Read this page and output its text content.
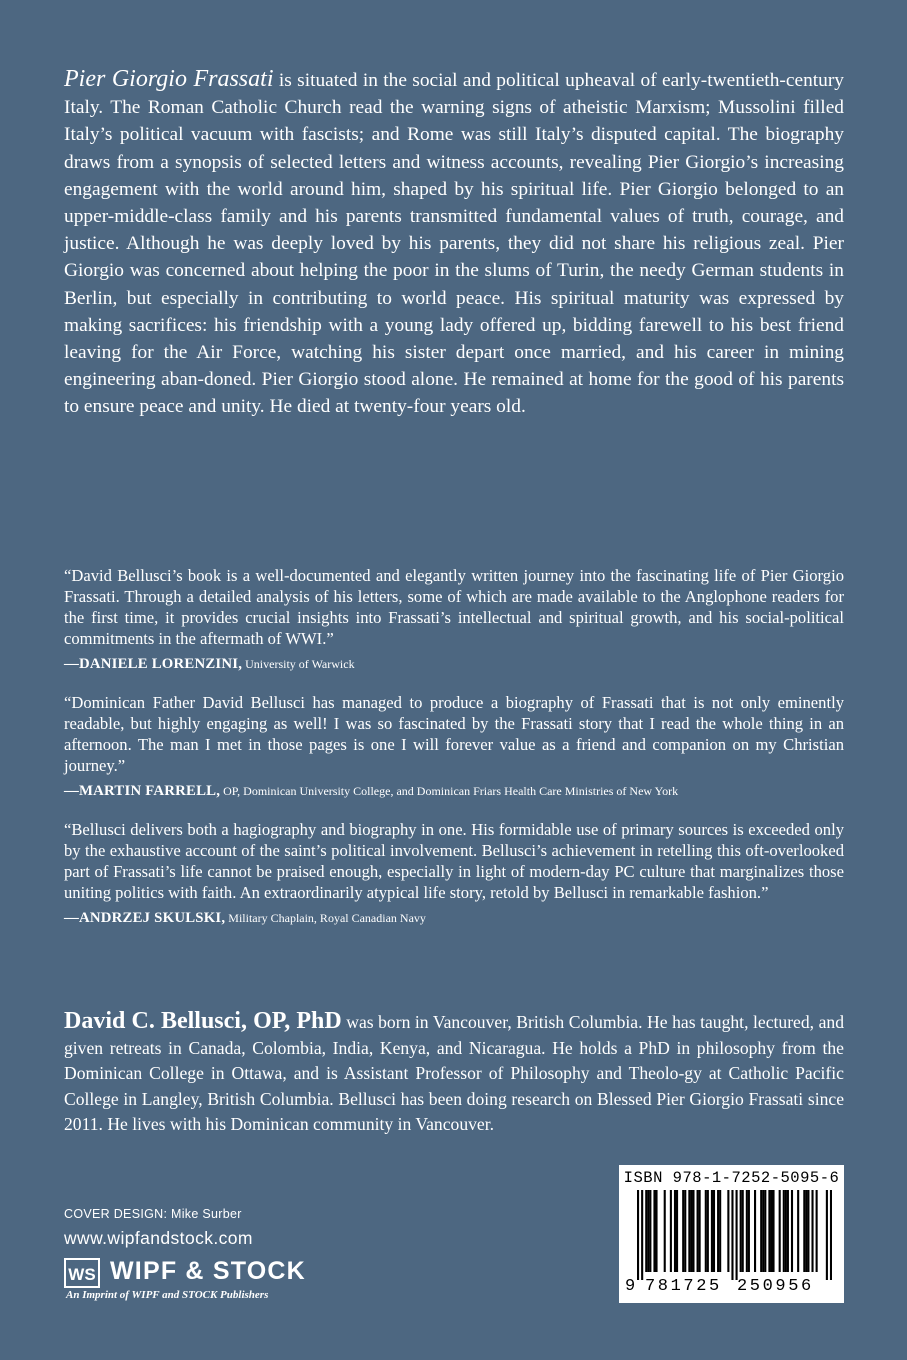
Pier Giorgio Frassati is situated in the social and political upheaval of early-twentieth-century Italy. The Roman Catholic Church read the warning signs of atheistic Marxism; Mussolini filled Italy’s political vacuum with fascists; and Rome was still Italy’s disputed capital. The biography draws from a synopsis of selected letters and witness accounts, revealing Pier Giorgio’s increasing engagement with the world around him, shaped by his spiritual life. Pier Giorgio belonged to an upper-middle-class family and his parents transmitted fundamental values of truth, courage, and justice. Although he was deeply loved by his parents, they did not share his religious zeal. Pier Giorgio was concerned about helping the poor in the slums of Turin, the needy German students in Berlin, but especially in contributing to world peace. His spiritual maturity was expressed by making sacrifices: his friendship with a young lady offered up, bidding farewell to his best friend leaving for the Air Force, watching his sister depart once married, and his career in mining engineering aban-doned. Pier Giorgio stood alone. He remained at home for the good of his parents to ensure peace and unity. He died at twenty-four years old.
“David Bellusci’s book is a well-documented and elegantly written journey into the fascinating life of Pier Giorgio Frassati. Through a detailed analysis of his letters, some of which are made available to the Anglophone readers for the first time, it provides crucial insights into Frassati’s intellectual and spiritual growth, and his social-political commitments in the aftermath of WWI.”
—DANIELE LORENZINI, University of Warwick
“Dominican Father David Bellusci has managed to produce a biography of Frassati that is not only eminently readable, but highly engaging as well! I was so fascinated by the Frassati story that I read the whole thing in an afternoon. The man I met in those pages is one I will forever value as a friend and companion on my Christian journey.”
—MARTIN FARRELL, OP, Dominican University College, and Dominican Friars Health Care Ministries of New York
“Bellusci delivers both a hagiography and biography in one. His formidable use of primary sources is exceeded only by the exhaustive account of the saint’s political involvement. Bellusci’s achievement in retelling this oft-overlooked part of Frassati’s life cannot be praised enough, especially in light of modern-day PC culture that marginalizes those uniting politics with faith. An extraordinarily atypical life story, retold by Bellusci in remarkable fashion.”
—ANDRZEJ SKULSKI, Military Chaplain, Royal Canadian Navy
David C. Bellusci, OP, PhD was born in Vancouver, British Columbia. He has taught, lectured, and given retreats in Canada, Colombia, India, Kenya, and Nicaragua. He holds a PhD in philosophy from the Dominican College in Ottawa, and is Assistant Professor of Philosophy and Theolo-gy at Catholic Pacific College in Langley, British Columbia. Bellusci has been doing research on Blessed Pier Giorgio Frassati since 2011. He lives with his Dominican community in Vancouver.
COVER DESIGN: Mike Surber
www.wipfandstock.com
WS WIPF & STOCK
An Imprint of WIPF and STOCK Publishers
ISBN 978-1-7252-5095-6
9 781725 250956
